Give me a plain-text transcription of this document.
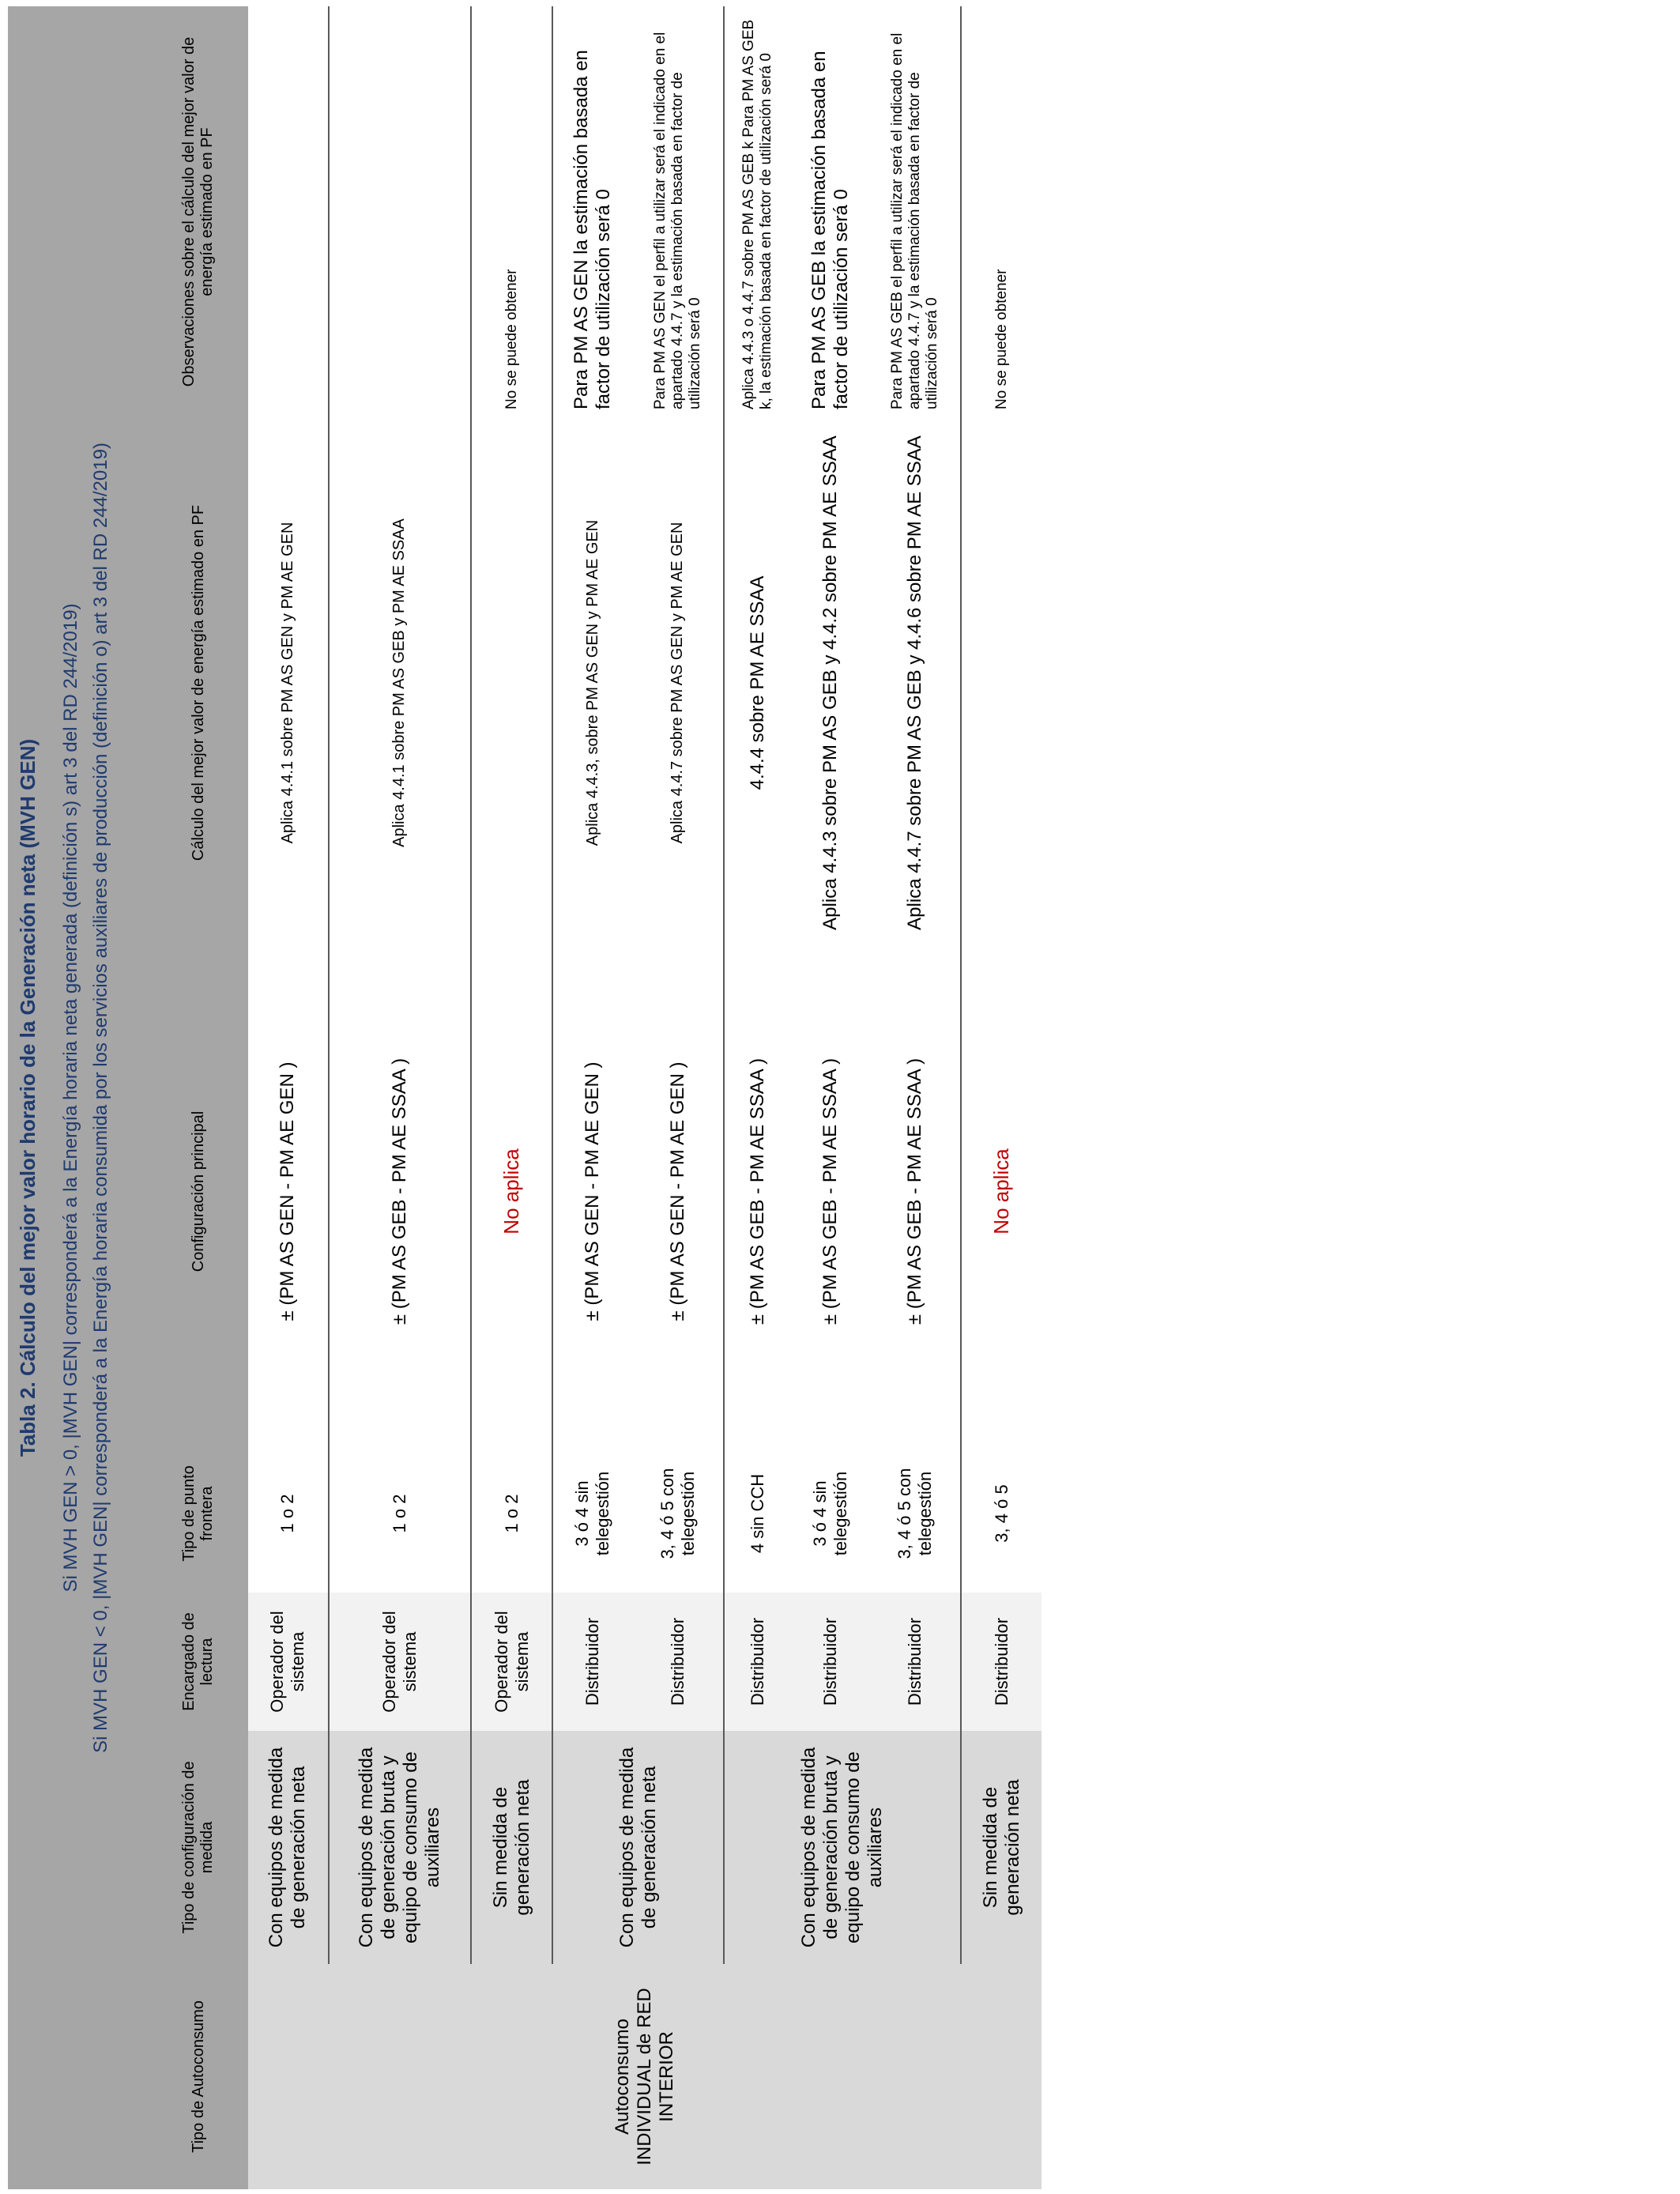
Tabla 2. Cálculo del mejor valor horario de la Generación neta (MVH GEN) Si MVH GEN > 0, |MVH GEN| corresponderá a la Energía horaria neta generada (definición s) art 3 del RD 244/2019) Si MVH GEN < 0, |MVH GEN| corresponderá a la Energía horaria consumida por los servicios auxiliares de producción (definición o) art 3 del RD 244/2019)
Tipo de Autoconsumo	Tipo de configuración de medida	Encargado de lectura	Tipo de punto frontera	Configuración principal	Cálculo del mejor valor de energía estimado en PF	Observaciones sobre el cálculo del mejor valor de energía estimado en PF
Autoconsumo INDIVIDUAL de RED INTERIOR	Con equipos de medida de generación neta	Operador del sistema	1 o 2	± (PM AS GEN - PM AE GEN )	Aplica 4.4.1 sobre PM AS GEN y PM AE GEN	
	Con equipos de medida de generación bruta y equipo de consumo de auxiliares	Operador del sistema	1 o 2	± (PM AS GEB - PM AE SSAA )	Aplica 4.4.1 sobre PM AS GEB y PM AE SSAA	
	Sin medida de generación neta	Operador del sistema	1 o 2	No aplica		No se puede obtener
	Con equipos de medida de generación neta	Distribuidor	3 ó 4 sin telegestión	± (PM AS GEN - PM AE GEN )	Aplica 4.4.3, sobre PM AS GEN y PM AE GEN	Para PM AS GEN la estimación basada en factor de utilización será 0
		Distribuidor	3, 4 ó 5 con telegestión	± (PM AS GEN - PM AE GEN )	Aplica 4.4.7 sobre PM AS GEN y PM AE GEN	Para PM AS GEN el perfil a utilizar será el indicado en el apartado 4.4.7 y la estimación basada en factor de utilización será 0
	Con equipos de medida de generación bruta y equipo de consumo de auxiliares	Distribuidor	4 sin CCH	± (PM AS GEB - PM AE SSAA )	4.4.4 sobre PM AE SSAA	Aplica 4.4.3 o 4.4.7 sobre PM AS GEB k Para PM AS GEB k, la estimación basada en factor de utilización será 0
		Distribuidor	3 ó 4 sin telegestión	± (PM AS GEB - PM AE SSAA )	Aplica 4.4.3 sobre PM AS GEB y 4.4.2 sobre PM AE SSAA	Para PM AS GEB la estimación basada en factor de utilización será 0
		Distribuidor	3, 4 ó 5 con telegestión	± (PM AS GEB - PM AE SSAA )	Aplica 4.4.7 sobre PM AS GEB y 4.4.6 sobre PM AE SSAA	Para PM AS GEB el perfil a utilizar será el indicado en el apartado 4.4.7 y la estimación basada en factor de utilización será 0
	Sin medida de generación neta	Distribuidor	3, 4 ó 5	No aplica		No se puede obtener
